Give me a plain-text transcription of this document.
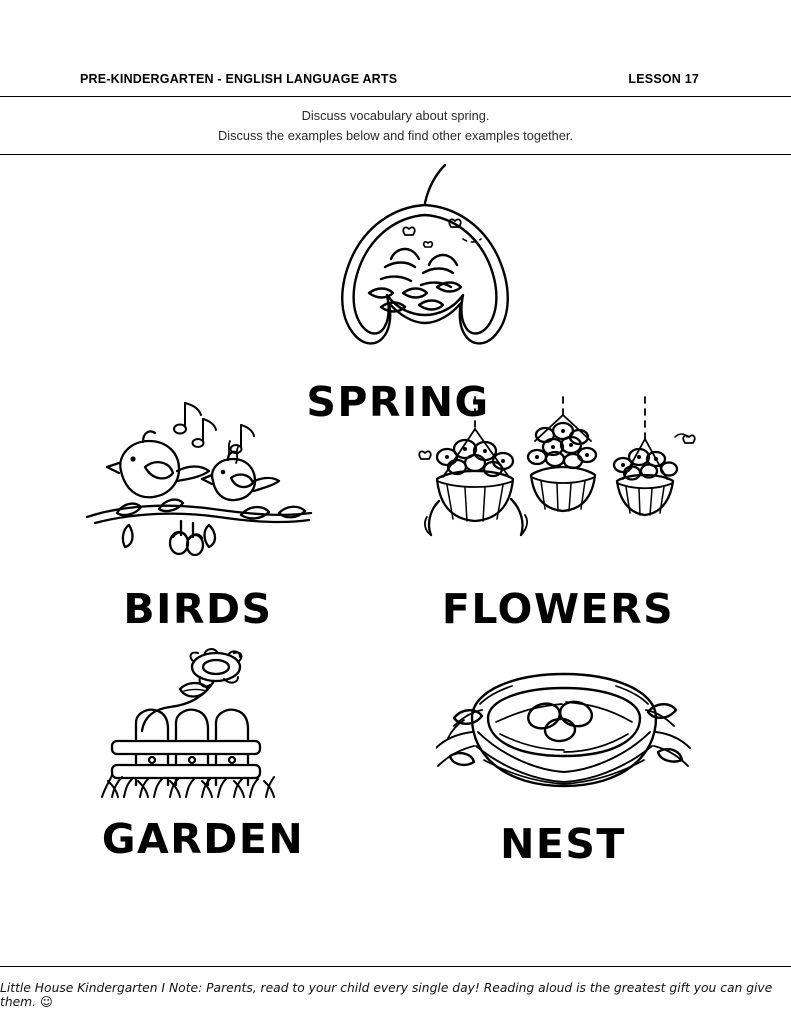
PRE-KINDERGARTEN - ENGLISH LANGUAGE ARTS	LESSON 17
Discuss vocabulary about spring.
Discuss the examples below and find other examples together.
SPRING
BIRDS	FLOWERS
GARDEN	NEST
Little House Kindergarten I Note: Parents, read to your child every single day! Reading aloud is the greatest gift you can give them. ☺
